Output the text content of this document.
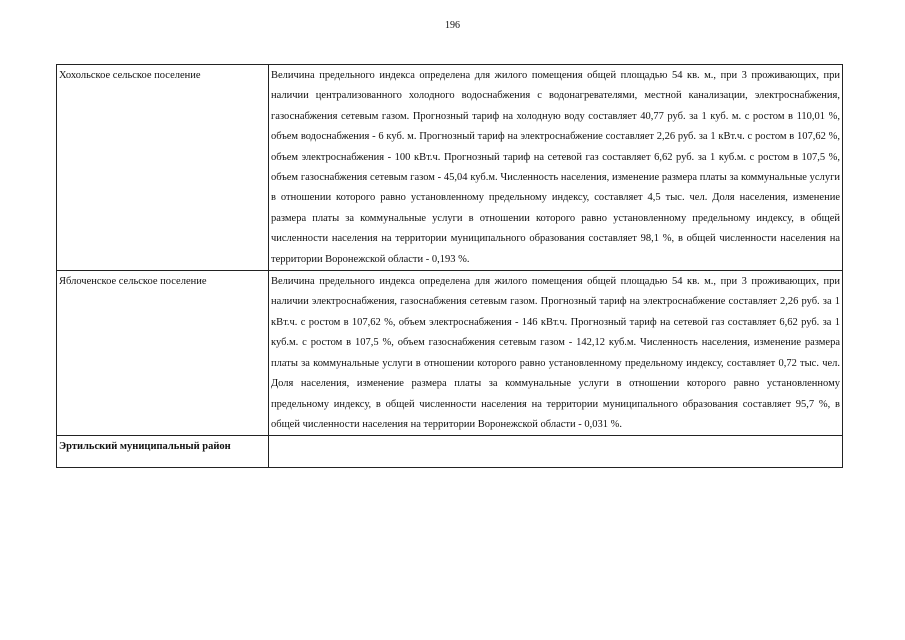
196
Хохольское сельское поселение	Величина предельного индекса определена для жилого помещения общей площадью 54 кв. м., при 3 проживающих, при наличии централизованного холодного водоснабжения с водонагревателями, местной канализации, электроснабжения, газоснабжения сетевым газом. Прогнозный тариф на холодную воду составляет 40,77 руб. за 1 куб. м. с ростом в 110,01 %, объем водоснабжения - 6 куб. м. Прогнозный тариф на электроснабжение составляет 2,26 руб. за 1 кВт.ч. с ростом в 107,62 %, объем электроснабжения - 100 кВт.ч. Прогнозный тариф на сетевой газ составляет 6,62 руб. за 1 куб.м. с ростом в 107,5 %, объем газоснабжения сетевым газом - 45,04 куб.м. Численность населения, изменение размера платы за коммунальные услуги в отношении которого равно установленному предельному индексу, составляет 4,5 тыс. чел. Доля населения, изменение размера платы за коммунальные услуги в отношении которого равно установленному предельному индексу, в общей численности населения на территории муниципального образования составляет 98,1 %, в общей численности населения на территории Воронежской области - 0,193 %.
Яблоченское сельское поселение	Величина предельного индекса определена для жилого помещения общей площадью 54 кв. м., при 3 проживающих, при наличии электроснабжения, газоснабжения сетевым газом. Прогнозный тариф на электроснабжение составляет 2,26 руб. за 1 кВт.ч. с ростом в 107,62 %, объем электроснабжения - 146 кВт.ч. Прогнозный тариф на сетевой газ составляет 6,62 руб. за 1 куб.м. с ростом в 107,5 %, объем газоснабжения сетевым газом - 142,12 куб.м. Численность населения, изменение размера платы за коммунальные услуги в отношении которого равно установленному предельному индексу, составляет 0,72 тыс. чел. Доля населения, изменение размера платы за коммунальные услуги в отношении которого равно установленному предельному индексу, в общей численности населения на территории муниципального образования составляет 95,7 %, в общей численности населения на территории Воронежской области - 0,031 %.
Эртильский муниципальный район	
